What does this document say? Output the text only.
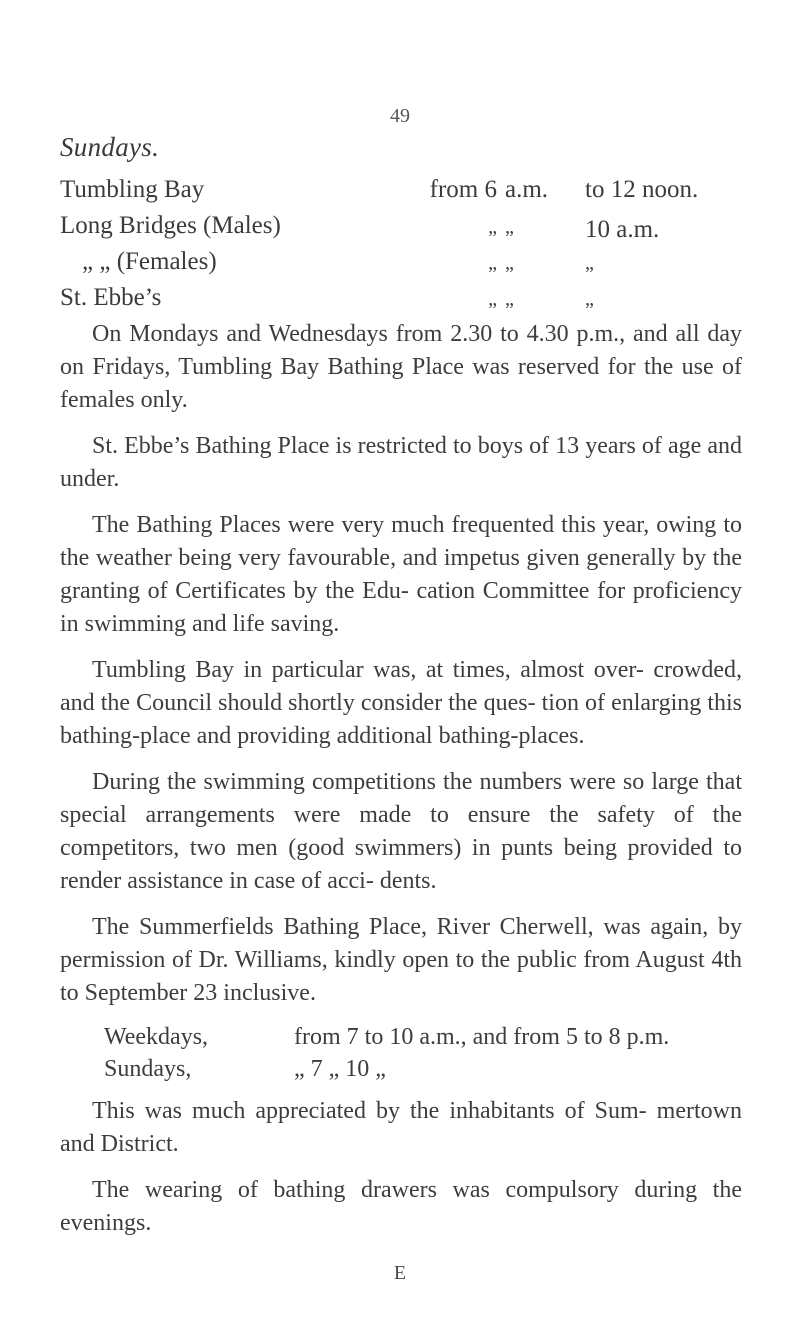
49
Sundays.
Tumbling Bay	from 6 a.m.	to 12 noon.
Long Bridges (Males)	„ „	10 a.m.
„ „ (Females)	„ „	„
St. Ebbe’s	„ „	„

On Mondays and Wednesdays from 2.30 to 4.30 p.m., and all day on Fridays, Tumbling Bay Bathing Place was reserved for the use of females only.

St. Ebbe’s Bathing Place is restricted to boys of 13 years of age and under.

The Bathing Places were very much frequented this year, owing to the weather being very favourable, and impetus given generally by the granting of Certificates by the Edu- cation Committee for proficiency in swimming and life saving.

Tumbling Bay in particular was, at times, almost over- crowded, and the Council should shortly consider the ques- tion of enlarging this bathing-place and providing additional bathing-places.

During the swimming competitions the numbers were so large that special arrangements were made to ensure the safety of the competitors, two men (good swimmers) in punts being provided to render assistance in case of acci- dents.

The Summerfields Bathing Place, River Cherwell, was again, by permission of Dr. Williams, kindly open to the public from August 4th to September 23 inclusive.

Weekdays,	from 7 to 10 a.m., and from 5 to 8 p.m.
Sundays,	„ 7 „ 10 „

This was much appreciated by the inhabitants of Sum- mertown and District.

The wearing of bathing drawers was compulsory during the evenings.

E
